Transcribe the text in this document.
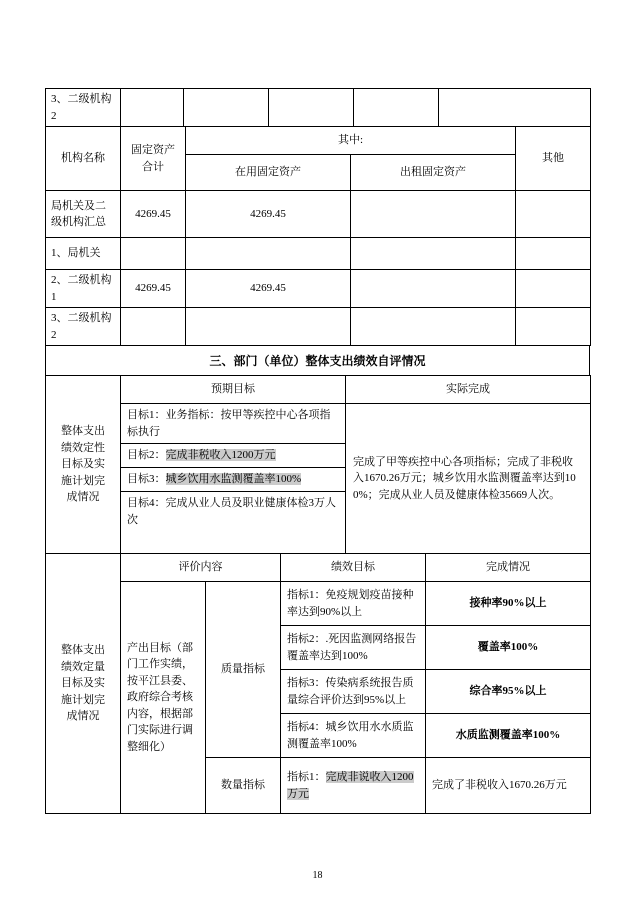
3、二级机构2					
机构名称	固定资产合计	其中:		其他
		在用固定资产	出租固定资产	
局机关及二级机构汇总	4269.45	4269.45		
1、局机关				
2、二级机构1	4269.45	4269.45		
3、二级机构2				
三、部门（单位）整体支出绩效自评情况
整体支出绩效定性目标及实施计划完成情况	预期目标	实际完成
	目标1：业务指标：按甲等疾控中心各项指标执行	完成了甲等疾控中心各项指标；完成了非税收入1670.26万元；城乡饮用水监测覆盖率达到100%；完成从业人员及健康体检35669人次。
	目标2：完成非税收入1200万元	
	目标3：城乡饮用水监测覆盖率100%	
	目标4：完成从业人员及职业健康体检3万人次	
整体支出绩效定量目标及实施计划完成情况	评价内容		绩效目标	完成情况
	产出目标（部门工作实绩，按平江县委、政府综合考核内容，根据部门实际进行调整细化）	质量指标	指标1：免疫规划疫苗接种率达到90%以上	接种率90%以上
			指标2：.死因监测网络报告覆盖率达到100%	覆盖率100%
			指标3：传染病系统报告质量综合评价达到95%以上	综合率95%以上
			指标4：城乡饮用水水质监测覆盖率100%	水质监测覆盖率100%
		数量指标	指标1：完成非说收入1200万元	完成了非税收入1670.26万元
18
